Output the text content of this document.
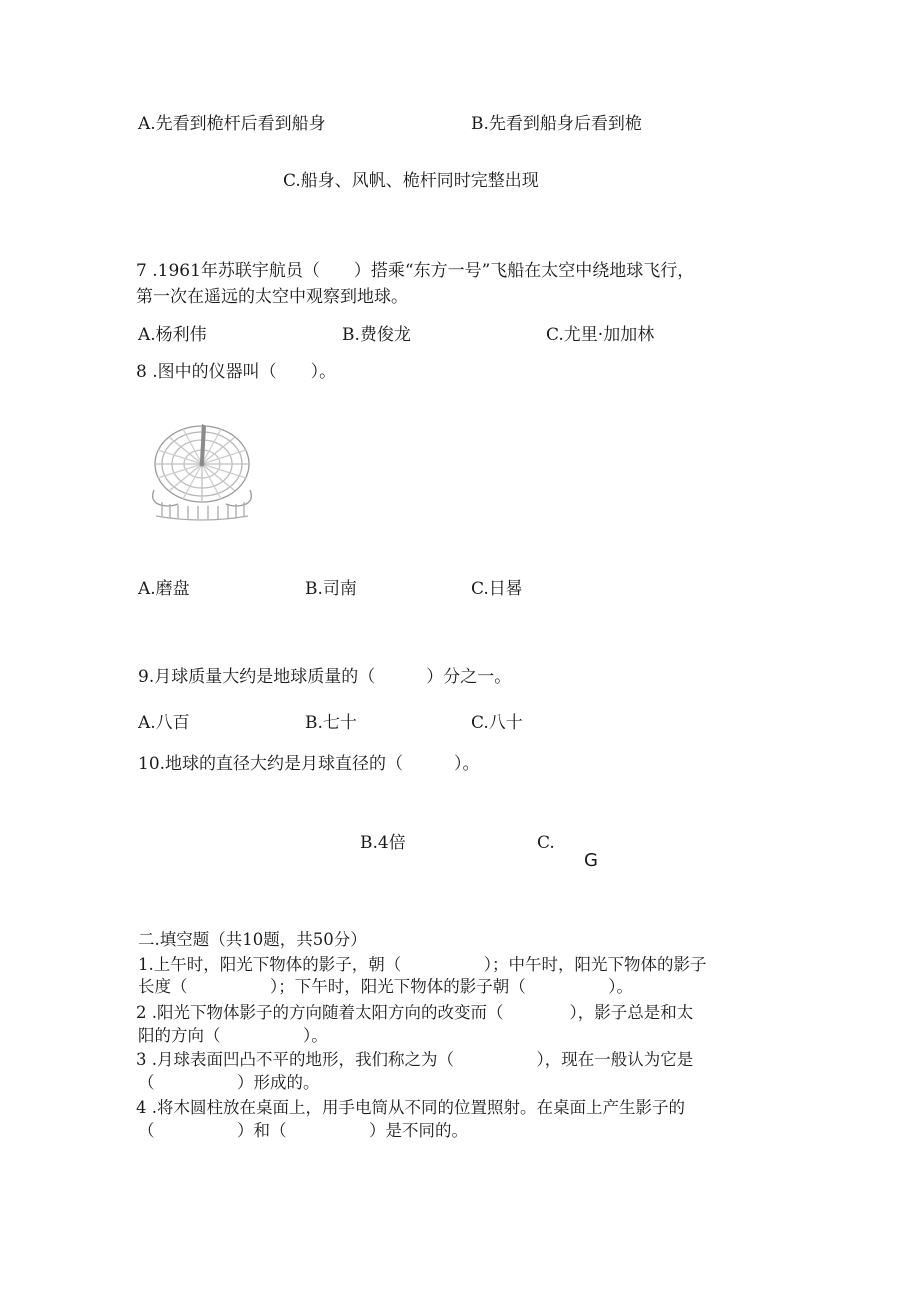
A.先看到桅杆后看到船身	B.先看到船身后看到桅
C.船身、风帆、桅杆同时完整出现
7 .1961年苏联宇航员（　　）搭乘“东方一号”飞船在太空中绕地球飞行，
第一次在遥远的太空中观察到地球。
A.杨利伟	B.费俊龙	C.尤里·加加林
8 .图中的仪器叫（　　）。
A.磨盘	B.司南	C.日晷
9.月球质量大约是地球质量的（　　　）分之一。
A.八百	B.七十	C.八十
10.地球的直径大约是月球直径的（　　　）。
B.4倍	C.
G
二.填空题（共10题，共50分）
1.上午时，阳光下物体的影子，朝（　　　　　）；中午时，阳光下物体的影子
长度（　　　　　）；下午时，阳光下物体的影子朝（　　　　　）。
2 .阳光下物体影子的方向随着太阳方向的改变而（　　　　），影子总是和太
阳的方向（　　　　　）。
3 .月球表面凹凸不平的地形，我们称之为（　　　　　），现在一般认为它是
（　　　　　）形成的。
4 .将木圆柱放在桌面上，用手电筒从不同的位置照射。在桌面上产生影子的
（　　　　　）和（　　　　　）是不同的。
